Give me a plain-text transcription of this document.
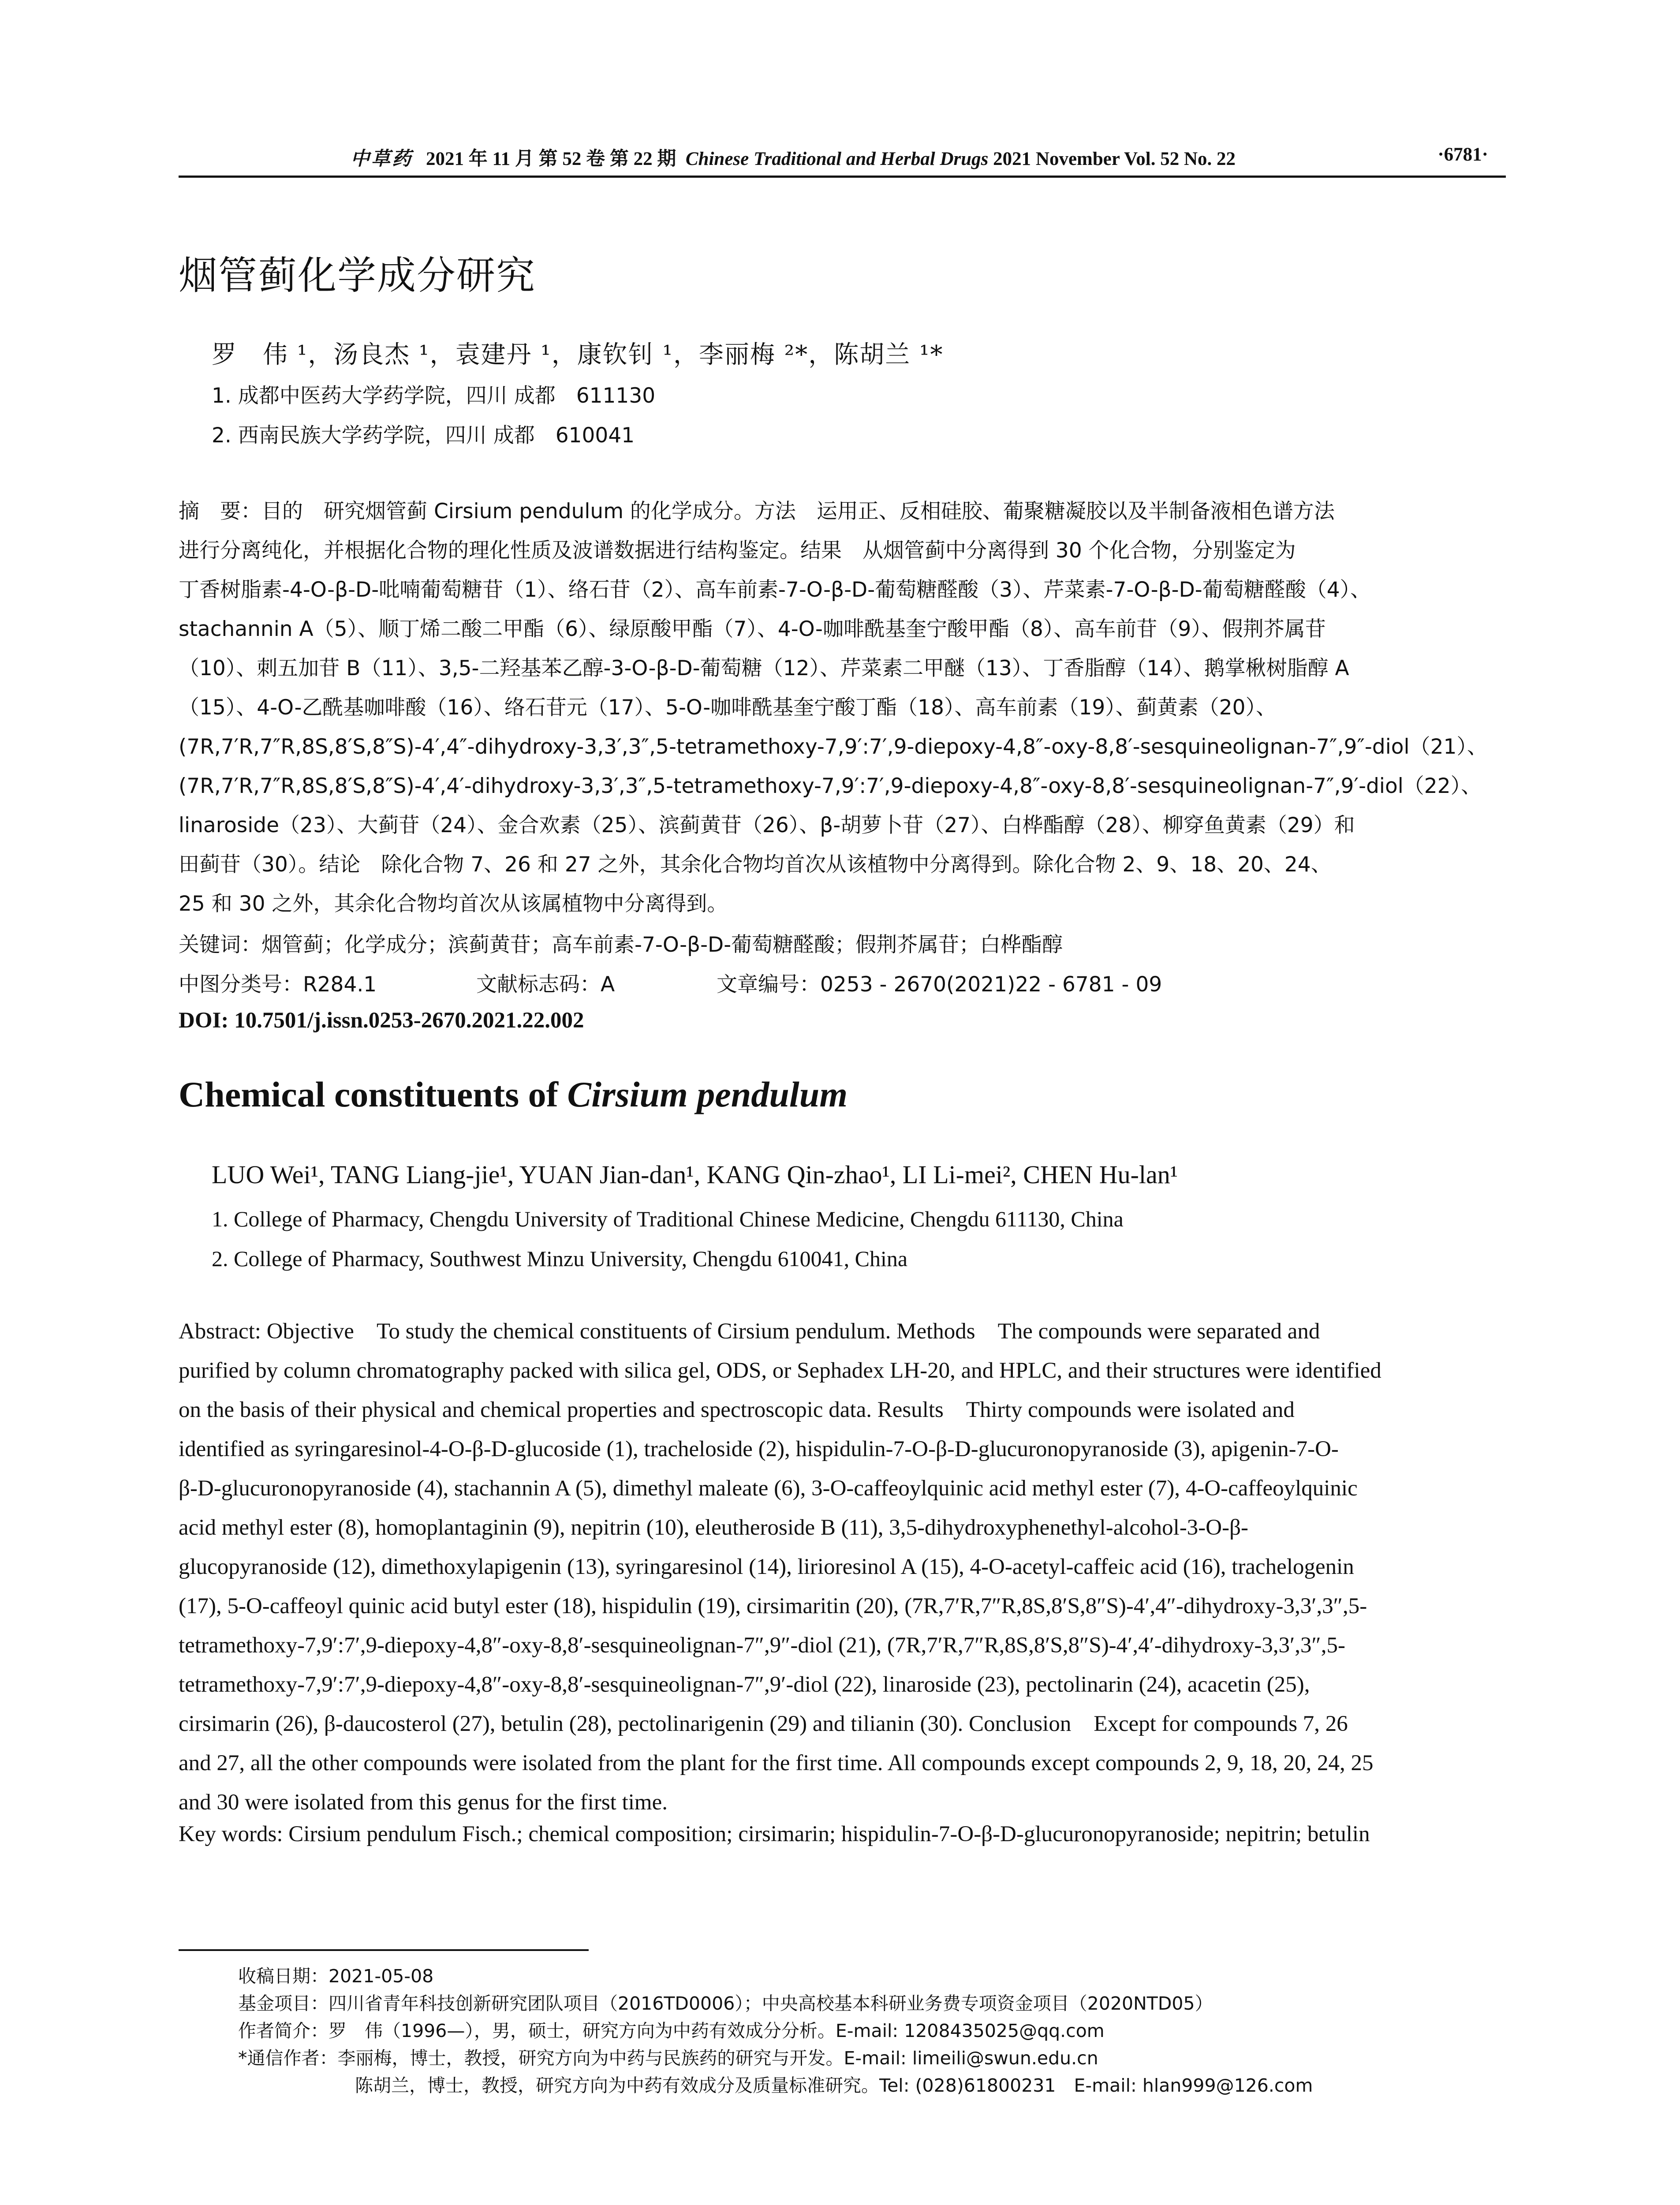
中草药 2021 年 11 月 第 52 卷 第 22 期 Chinese Traditional and Herbal Drugs 2021 November Vol. 52 No. 22	·6781·
烟管蓟化学成分研究
罗　伟 ¹，汤良杰 ¹，袁建丹 ¹，康钦钊 ¹，李丽梅 ²*，陈胡兰 ¹*
1. 成都中医药大学药学院，四川 成都　611130
2. 西南民族大学药学院，四川 成都　610041
摘　要：目的　研究烟管蓟 Cirsium pendulum 的化学成分。方法　运用正、反相硅胶、葡聚糖凝胶以及半制备液相色谱方法
进行分离纯化，并根据化合物的理化性质及波谱数据进行结构鉴定。结果　从烟管蓟中分离得到 30 个化合物，分别鉴定为
丁香树脂素-4-O-β-D-吡喃葡萄糖苷（1）、络石苷（2）、高车前素-7-O-β-D-葡萄糖醛酸（3）、芹菜素-7-O-β-D-葡萄糖醛酸（4）、
stachannin A（5）、顺丁烯二酸二甲酯（6）、绿原酸甲酯（7）、4-O-咖啡酰基奎宁酸甲酯（8）、高车前苷（9）、假荆芥属苷
（10）、刺五加苷 B（11）、3,5-二羟基苯乙醇-3-O-β-D-葡萄糖（12）、芹菜素二甲醚（13）、丁香脂醇（14）、鹅掌楸树脂醇 A
（15）、4-O-乙酰基咖啡酸（16）、络石苷元（17）、5-O-咖啡酰基奎宁酸丁酯（18）、高车前素（19）、蓟黄素（20）、
(7R,7′R,7″R,8S,8′S,8″S)-4′,4″-dihydroxy-3,3′,3″,5-tetramethoxy-7,9′:7′,9-diepoxy-4,8″-oxy-8,8′-sesquineolignan-7″,9″-diol（21）、
(7R,7′R,7″R,8S,8′S,8″S)-4′,4′-dihydroxy-3,3′,3″,5-tetramethoxy-7,9′:7′,9-diepoxy-4,8″-oxy-8,8′-sesquineolignan-7″,9′-diol（22）、
linaroside（23）、大蓟苷（24）、金合欢素（25）、滨蓟黄苷（26）、β-胡萝卜苷（27）、白桦酯醇（28）、柳穿鱼黄素（29）和
田蓟苷（30）。结论　除化合物 7、26 和 27 之外，其余化合物均首次从该植物中分离得到。除化合物 2、9、18、20、24、
25 和 30 之外，其余化合物均首次从该属植物中分离得到。
关键词：烟管蓟；化学成分；滨蓟黄苷；高车前素-7-O-β-D-葡萄糖醛酸；假荆芥属苷；白桦酯醇
中图分类号：R284.1	文献标志码：A	文章编号：0253 - 2670(2021)22 - 6781 - 09
DOI: 10.7501/j.issn.0253-2670.2021.22.002
Chemical constituents of Cirsium pendulum
LUO Wei¹, TANG Liang-jie¹, YUAN Jian-dan¹, KANG Qin-zhao¹, LI Li-mei², CHEN Hu-lan¹
1. College of Pharmacy, Chengdu University of Traditional Chinese Medicine, Chengdu 611130, China
2. College of Pharmacy, Southwest Minzu University, Chengdu 610041, China
Abstract: Objective　To study the chemical constituents of Cirsium pendulum. Methods　The compounds were separated and
purified by column chromatography packed with silica gel, ODS, or Sephadex LH-20, and HPLC, and their structures were identified
on the basis of their physical and chemical properties and spectroscopic data. Results　Thirty compounds were isolated and
identified as syringaresinol-4-O-β-D-glucoside (1), tracheloside (2), hispidulin-7-O-β-D-glucuronopyranoside (3), apigenin-7-O-
β-D-glucuronopyranoside (4), stachannin A (5), dimethyl maleate (6), 3-O-caffeoylquinic acid methyl ester (7), 4-O-caffeoylquinic
acid methyl ester (8), homoplantaginin (9), nepitrin (10), eleutheroside B (11), 3,5-dihydroxyphenethyl-alcohol-3-O-β-
glucopyranoside (12), dimethoxylapigenin (13), syringaresinol (14), lirioresinol A (15), 4-O-acetyl-caffeic acid (16), trachelogenin
(17), 5-O-caffeoyl quinic acid butyl ester (18), hispidulin (19), cirsimaritin (20), (7R,7′R,7″R,8S,8′S,8″S)-4′,4″-dihydroxy-3,3′,3″,5-
tetramethoxy-7,9′:7′,9-diepoxy-4,8″-oxy-8,8′-sesquineolignan-7″,9″-diol (21), (7R,7′R,7″R,8S,8′S,8″S)-4′,4′-dihydroxy-3,3′,3″,5-
tetramethoxy-7,9′:7′,9-diepoxy-4,8″-oxy-8,8′-sesquineolignan-7″,9′-diol (22), linaroside (23), pectolinarin (24), acacetin (25),
cirsimarin (26), β-daucosterol (27), betulin (28), pectolinarigenin (29) and tilianin (30). Conclusion　Except for compounds 7, 26
and 27, all the other compounds were isolated from the plant for the first time. All compounds except compounds 2, 9, 18, 20, 24, 25
and 30 were isolated from this genus for the first time.
Key words: Cirsium pendulum Fisch.; chemical composition; cirsimarin; hispidulin-7-O-β-D-glucuronopyranoside; nepitrin; betulin
收稿日期：2021-05-08
基金项目：四川省青年科技创新研究团队项目（2016TD0006）；中央高校基本科研业务费专项资金项目（2020NTD05）
作者简介：罗　伟（1996—），男，硕士，研究方向为中药有效成分分析。E-mail: 1208435025@qq.com
*通信作者：李丽梅，博士，教授，研究方向为中药与民族药的研究与开发。E-mail: limeili@swun.edu.cn
陈胡兰，博士，教授，研究方向为中药有效成分及质量标准研究。Tel: (028)61800231　E-mail: hlan999@126.com
